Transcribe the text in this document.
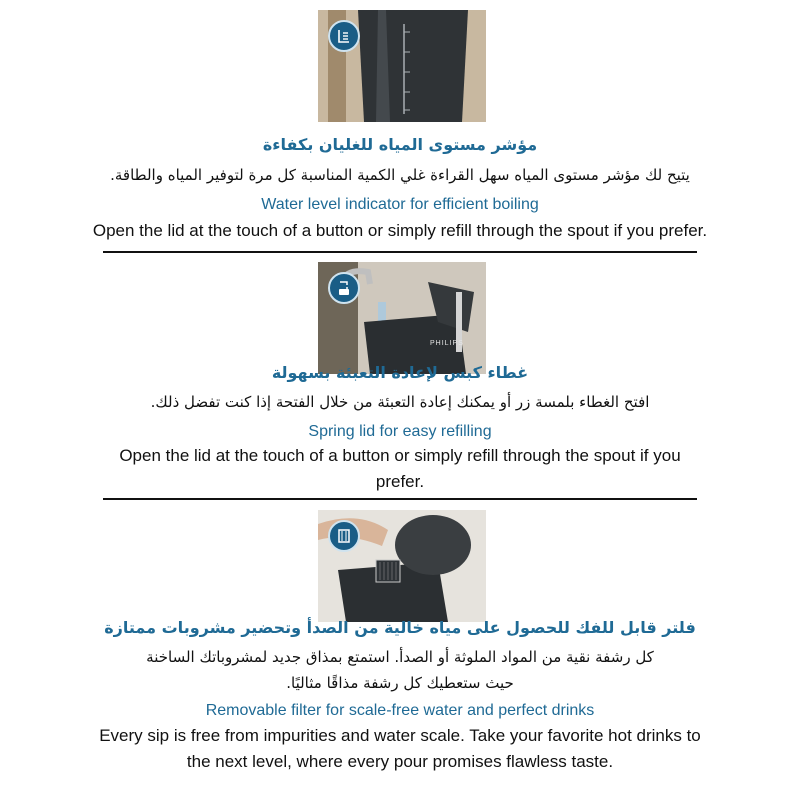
مؤشر مستوى المياه للغليان بكفاءة
يتيح لك مؤشر مستوى المياه سهل القراءة غلي الكمية المناسبة كل مرة لتوفير المياه والطاقة.
Water level indicator for efficient boiling
Open the lid at the touch of a button or simply refill through the spout if you prefer.
PHILIPS
غطاء كبس لإعادة التعبئة بسهولة
افتح الغطاء بلمسة زر أو يمكنك إعادة التعبئة من خلال الفتحة إذا كنت تفضل ذلك.
Spring lid for easy refilling
Open the lid at the touch of a button or simply refill through the spout if you
prefer.
فلتر قابل للفك للحصول على مياه خالية من الصدأ وتحضير مشروبات ممتازة
كل رشفة نقية من المواد الملوثة أو الصدأ. استمتع بمذاق جديد لمشروباتك الساخنة
حيث ستعطيك كل رشفة مذاقًا مثاليًا.
Removable filter for scale-free water and perfect drinks
Every sip is free from impurities and water scale. Take your favorite hot drinks to
the next level, where every pour promises flawless taste.
